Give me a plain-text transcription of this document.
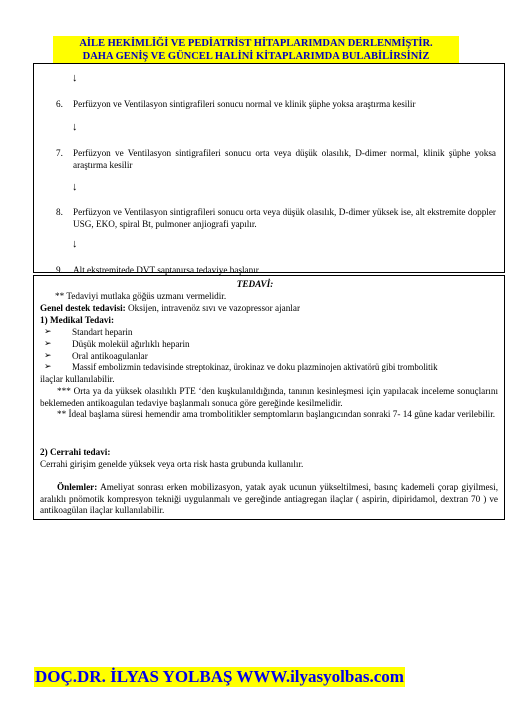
AİLE HEKİMLİĞİ VE PEDİATRİST HİTAPLARIMDAN DERLENMİŞTİR.
DAHA GENİŞ VE GÜNCEL HALİNİ KİTAPLARIMDA BULABİLİRSİNİZ
↓
6. Perfüzyon ve Ventilasyon sintigrafileri sonucu normal ve klinik şüphe yoksa araştırma kesilir
↓
7. Perfüzyon ve Ventilasyon sintigrafileri sonucu orta veya düşük olasılık, D-dimer normal, klinik şüphe yoksa araştırma kesilir
↓
8. Perfüzyon ve Ventilasyon sintigrafileri sonucu orta veya düşük olasılık, D-dimer yüksek ise, alt ekstremite doppler USG, EKO, spiral Bt, pulmoner anjiografi yapılır.
↓
9. Alt ekstremitede DVT saptanırsa tedaviye başlanır
TEDAVİ:
** Tedaviyi mutlaka göğüs uzmanı vermelidir.
Genel destek tedavisi: Oksijen, intravenöz sıvı ve vazopressor ajanlar
1) Medikal Tedavi:
➢ Standart heparin
➢ Düşük molekül ağırlıklı heparin
➢ Oral antikoagulanlar
➢ Massif embolizmin tedavisinde streptokinaz, ürokinaz ve doku plazminojen aktivatörü gibi trombolitik
ilaçlar kullanılabilir.
*** Orta ya da yüksek olasılıklı PTE ‘den kuşkulanıldığında, tanının kesinleşmesi için yapılacak inceleme sonuçlarını beklemeden antikoagulan tedaviye başlanmalı sonuca göre gereğinde kesilmelidir.
** İdeal başlama süresi hemendir ama trombolitikler semptomların başlangıcından sonraki 7- 14 güne kadar verilebilir.
2) Cerrahi tedavi:
Cerrahi girişim genelde yüksek veya orta risk hasta grubunda kullanılır.
Önlemler: Ameliyat sonrası erken mobilizasyon, yatak ayak ucunun yükseltilmesi, basınç kademeli çorap giyilmesi, aralıklı pnömotik kompresyon tekniği uygulanmalı ve gereğinde antiagregan ilaçlar ( aspirin, dipiridamol, dextran 70 ) ve antikoagülan ilaçlar kullanılabilir.
DOÇ.DR. İLYAS YOLBAŞ WWW.ilyasyolbas.com
